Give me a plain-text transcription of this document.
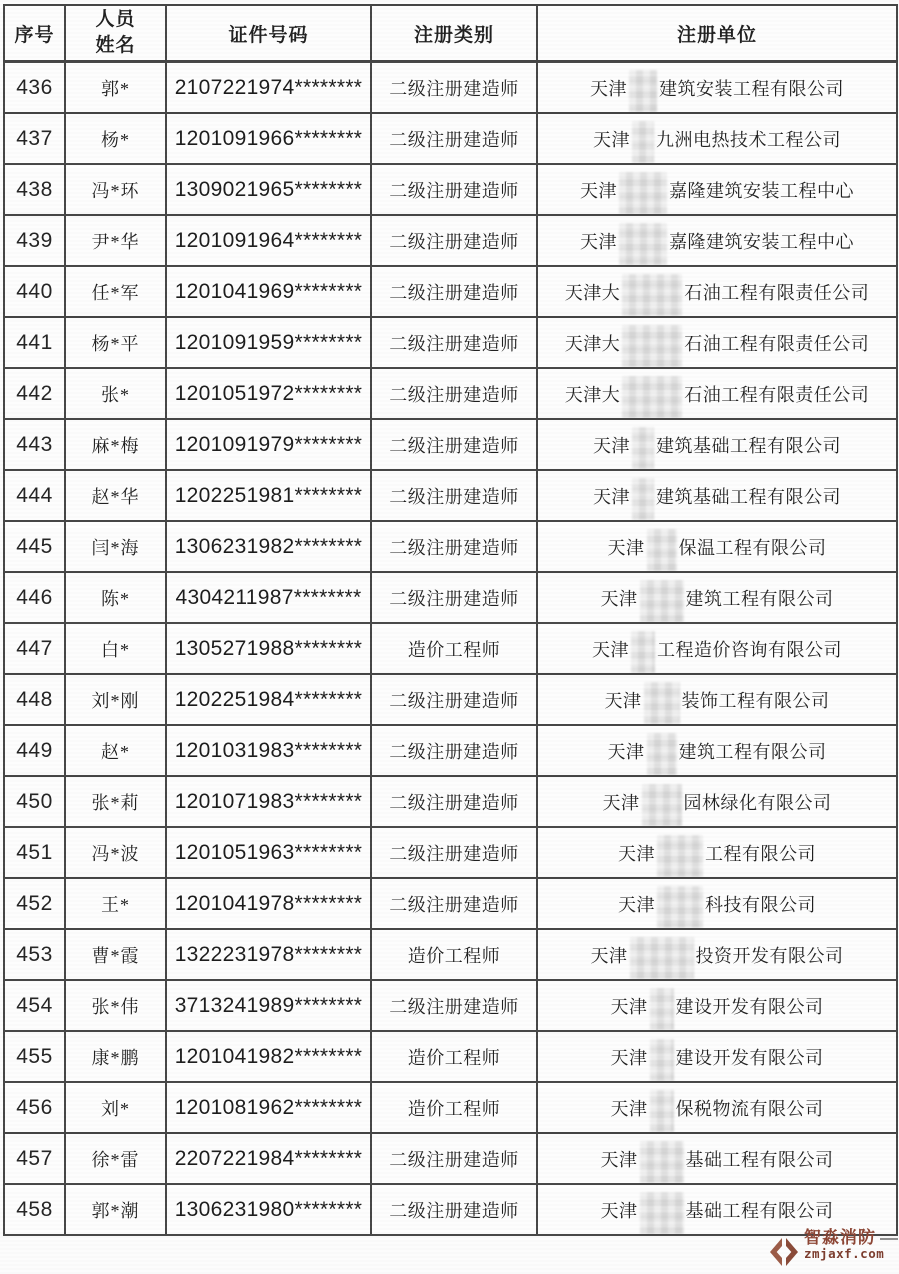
序号	人员姓名	证件号码	注册类别	注册单位
436	郭*	2107221974********	二级注册建造师	天津 建筑安装工程有限公司
437	杨*	1201091966********	二级注册建造师	天津 九洲电热技术工程公司
438	冯*环	1309021965********	二级注册建造师	天津 嘉隆建筑安装工程中心
439	尹*华	1201091964********	二级注册建造师	天津 嘉隆建筑安装工程中心
440	任*军	1201041969********	二级注册建造师	天津大 石油工程有限责任公司
441	杨*平	1201091959********	二级注册建造师	天津大 石油工程有限责任公司
442	张*	1201051972********	二级注册建造师	天津大 石油工程有限责任公司
443	麻*梅	1201091979********	二级注册建造师	天津 建筑基础工程有限公司
444	赵*华	1202251981********	二级注册建造师	天津 建筑基础工程有限公司
445	闫*海	1306231982********	二级注册建造师	天津 保温工程有限公司
446	陈*	4304211987********	二级注册建造师	天津 建筑工程有限公司
447	白*	1305271988********	造价工程师	天津 工程造价咨询有限公司
448	刘*刚	1202251984********	二级注册建造师	天津 装饰工程有限公司
449	赵*	1201031983********	二级注册建造师	天津 建筑工程有限公司
450	张*莉	1201071983********	二级注册建造师	天津 园林绿化有限公司
451	冯*波	1201051963********	二级注册建造师	天津 工程有限公司
452	王*	1201041978********	二级注册建造师	天津 科技有限公司
453	曹*霞	1322231978********	造价工程师	天津 投资开发有限公司
454	张*伟	3713241989********	二级注册建造师	天津 建设开发有限公司
455	康*鹏	1201041982********	造价工程师	天津 建设开发有限公司
456	刘*	1201081962********	造价工程师	天津 保税物流有限公司
457	徐*雷	2207221984********	二级注册建造师	天津 基础工程有限公司
458	郭*潮	1306231980********	二级注册建造师	天津 基础工程有限公司
智淼消防
zmjaxf.com
